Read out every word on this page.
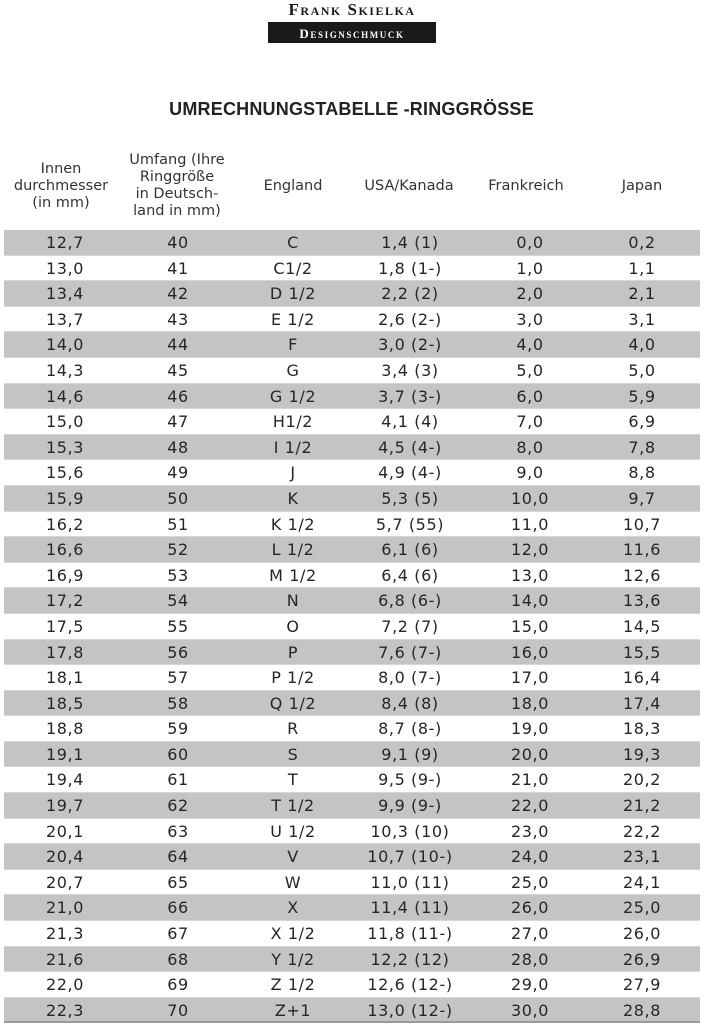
Frank Skielka
Designschmuck
UMRECHNUNGSTABELLE -RINGGRÖSSE
Innen
durchmesser
(in mm)
Umfang (Ihre
Ringgröße
in Deutsch-
land in mm)
England	USA/Kanada	Frankreich	Japan
12,7	40	C	1,4 (1)	0,0	0,2
13,0	41	C1/2	1,8 (1-)	1,0	1,1
13,4	42	D 1/2	2,2 (2)	2,0	2,1
13,7	43	E 1/2	2,6 (2-)	3,0	3,1
14,0	44	F	3,0 (2-)	4,0	4,0
14,3	45	G	3,4 (3)	5,0	5,0
14,6	46	G 1/2	3,7 (3-)	6,0	5,9
15,0	47	H1/2	4,1 (4)	7,0	6,9
15,3	48	I 1/2	4,5 (4-)	8,0	7,8
15,6	49	J	4,9 (4-)	9,0	8,8
15,9	50	K	5,3 (5)	10,0	9,7
16,2	51	K 1/2	5,7 (55)	11,0	10,7
16,6	52	L 1/2	6,1 (6)	12,0	11,6
16,9	53	M 1/2	6,4 (6)	13,0	12,6
17,2	54	N	6,8 (6-)	14,0	13,6
17,5	55	O	7,2 (7)	15,0	14,5
17,8	56	P	7,6 (7-)	16,0	15,5
18,1	57	P 1/2	8,0 (7-)	17,0	16,4
18,5	58	Q 1/2	8,4 (8)	18,0	17,4
18,8	59	R	8,7 (8-)	19,0	18,3
19,1	60	S	9,1 (9)	20,0	19,3
19,4	61	T	9,5 (9-)	21,0	20,2
19,7	62	T 1/2	9,9 (9-)	22,0	21,2
20,1	63	U 1/2	10,3 (10)	23,0	22,2
20,4	64	V	10,7 (10-)	24,0	23,1
20,7	65	W	11,0 (11)	25,0	24,1
21,0	66	X	11,4 (11)	26,0	25,0
21,3	67	X 1/2	11,8 (11-)	27,0	26,0
21,6	68	Y 1/2	12,2 (12)	28,0	26,9
22,0	69	Z 1/2	12,6 (12-)	29,0	27,9
22,3	70	Z+1	13,0 (12-)	30,0	28,8
